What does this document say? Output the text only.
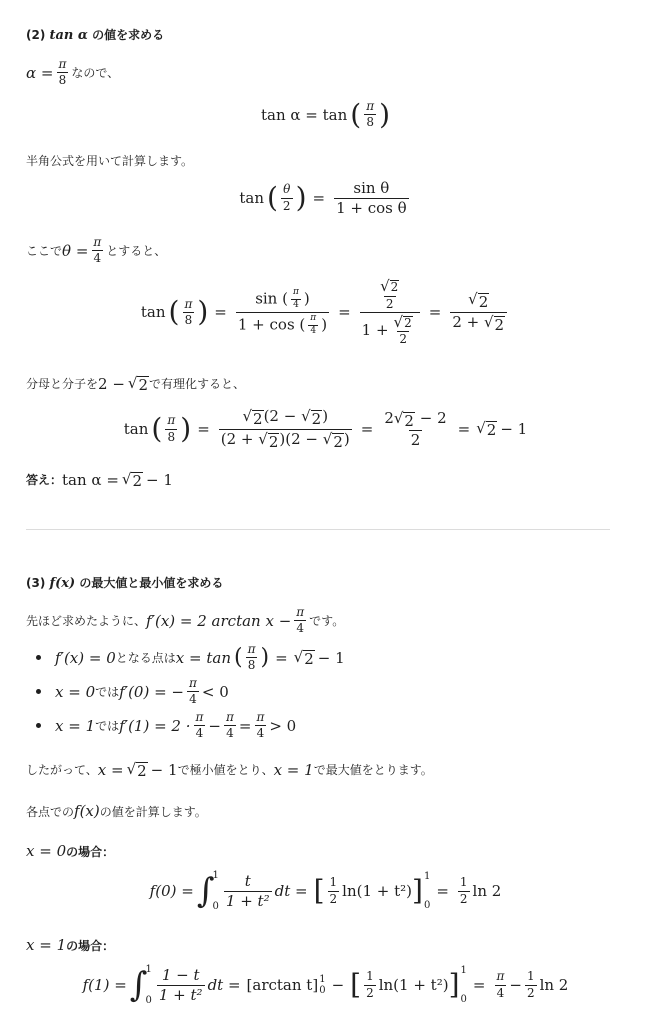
(2) tan α の値を求める
$\alpha = \frac{\pi}{8}$ なので、
tan α = tan ( $\frac{\pi}{8}$ )
半角公式を用いて計算します。
tan ( $\frac{\theta}{2}$ ) = $\frac{\text{sin θ}}{\text{1 + cos θ}}$
ここで $\theta = \frac{\pi}{4}$ とすると、
tan ( $\frac{\pi}{8}$ ) = $\frac{\sin ( \frac{\pi}{4} )}{1 + \cos ( \frac{\pi}{4} )} = \frac{\frac{√ 2}{2}}{1 + \frac{√ 2}{2}} = \frac{√ 2}{2 + √ 2}$
分母と分子を 2 − √ 2 で有理化すると、
tan ( $\frac{\pi}{8}$ ) = $\frac{√ 2 (2 - √ 2 )}{(2 + √ 2 )(2 - √ 2 )} = \frac{2 √ 2 - 2}{2}$ = √ 2 − 1
答え： tan α = √ 2 − 1
(3) f(x) の最大値と最小値を求める
先ほど求めたように、 f′(x) = 2 $\arctan x - \frac{\pi}{4}$ です。
f′(x) = 0 となる点は x = tan ( $\frac{\pi}{8}$ ) = √ 2 − 1
x = 0 では f′(0) = − $\frac{\pi}{4} < 0$
x = 1 では $f'(1) = 2 \cdot \frac{\pi}{4} - \frac{\pi}{4} = \frac{\pi}{4} > 0$
したがって、 x = √ 2 − 1 で極小値をとり、 x = 1 で最大値をとります。
各点での f(x) の値を計算します。
x = 0 の場合：
f(0) = ∫
1
$0 \frac{t}{\text{1 + t²}}$ dt = [ $\frac{1}{2} \ln(1 + t^2)$ ] 1
0
= $\frac{1}{2}$ ln 2
x = 1 の場合：
f(1) = ∫
1
$0 \frac{1 - t}{\text{1 + t²}}$ dt = [arctan t] 1
0 − [ $\frac{1}{2} \ln(1 + t^2)$ ] 1
0
= $\frac{\pi}{4} - \frac{1}{2}$ ln 2
